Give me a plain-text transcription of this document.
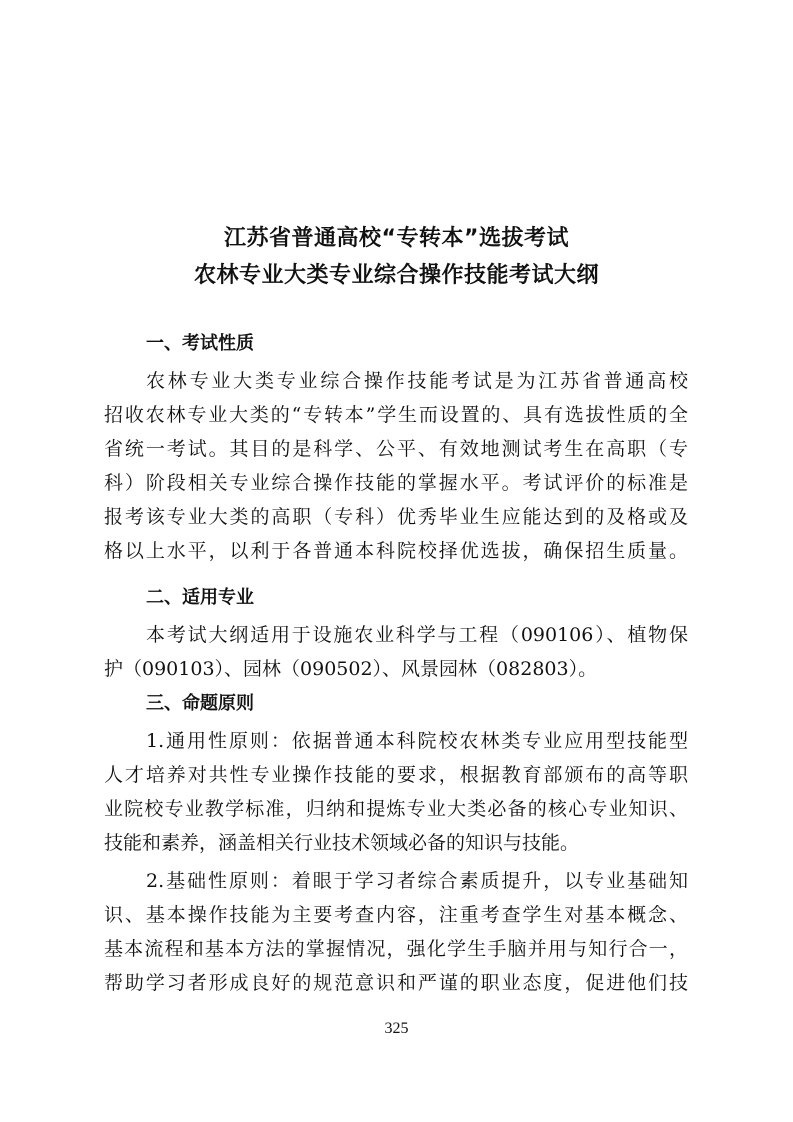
江苏省普通高校“专转本”选拔考试
农林专业大类专业综合操作技能考试大纲
一、考试性质
农林专业大类专业综合操作技能考试是为江苏省普通高校
招收农林专业大类的“专转本”学生而设置的、具有选拔性质的全
省统一考试。其目的是科学、公平、有效地测试考生在高职（专
科）阶段相关专业综合操作技能的掌握水平。考试评价的标准是
报考该专业大类的高职（专科）优秀毕业生应能达到的及格或及
格以上水平，以利于各普通本科院校择优选拔，确保招生质量。
二、适用专业
本考试大纲适用于设施农业科学与工程（090106）、植物保
护（090103）、园林（090502）、风景园林（082803）。
三、命题原则
1.通用性原则：依据普通本科院校农林类专业应用型技能型
人才培养对共性专业操作技能的要求，根据教育部颁布的高等职
业院校专业教学标准，归纳和提炼专业大类必备的核心专业知识、
技能和素养，涵盖相关行业技术领域必备的知识与技能。
2.基础性原则：着眼于学习者综合素质提升，以专业基础知
识、基本操作技能为主要考查内容，注重考查学生对基本概念、
基本流程和基本方法的掌握情况，强化学生手脑并用与知行合一，
帮助学习者形成良好的规范意识和严谨的职业态度，促进他们技
325
